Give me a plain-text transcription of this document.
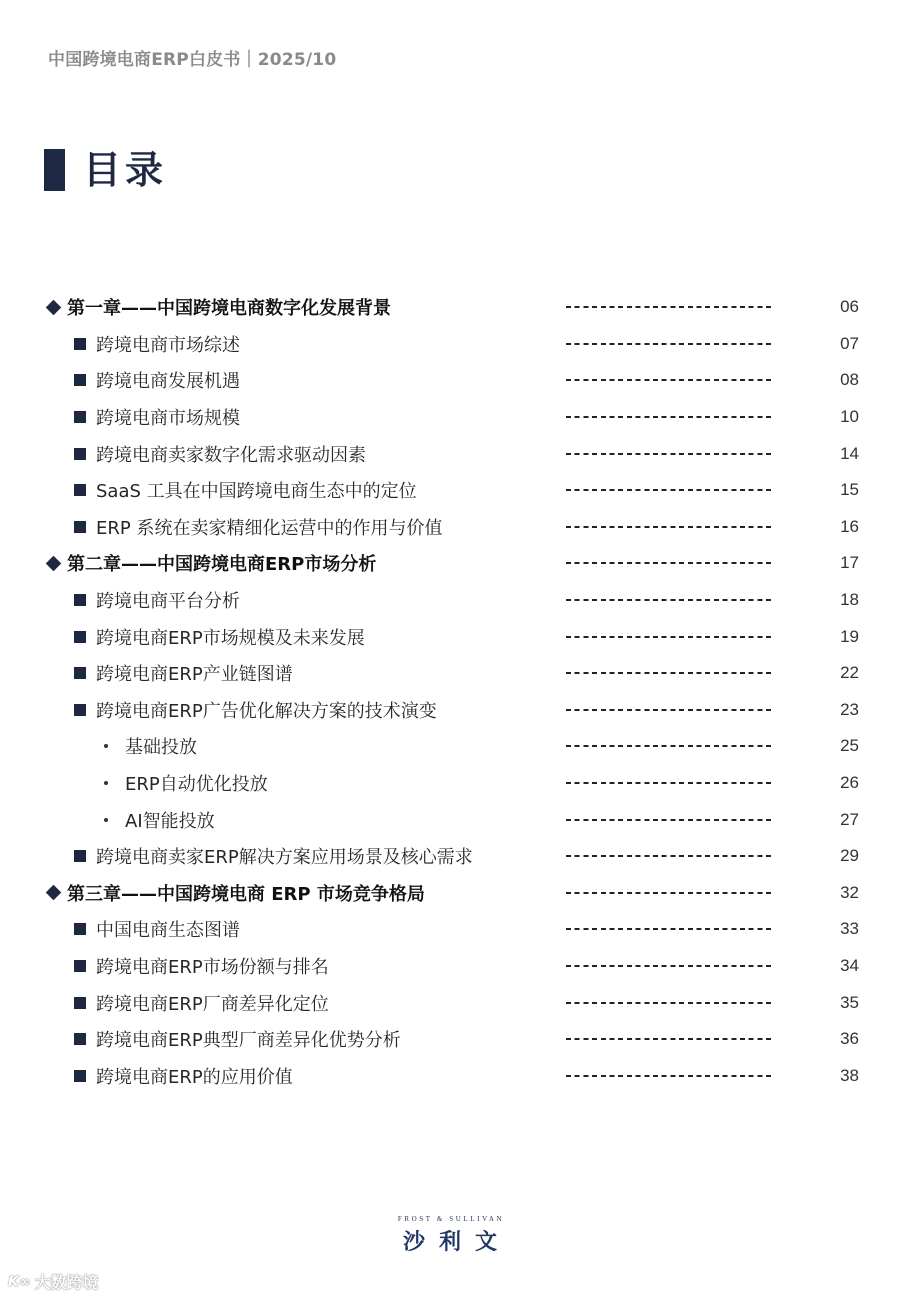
中国跨境电商ERP白皮书｜2025/10
目录
第一章——中国跨境电商数字化发展背景	06
跨境电商市场综述	07
跨境电商发展机遇	08
跨境电商市场规模	10
跨境电商卖家数字化需求驱动因素	14
SaaS 工具在中国跨境电商生态中的定位	15
ERP 系统在卖家精细化运营中的作用与价值	16
第二章——中国跨境电商ERP市场分析	17
跨境电商平台分析	18
跨境电商ERP市场规模及未来发展	19
跨境电商ERP产业链图谱	22
跨境电商ERP广告优化解决方案的技术演变	23
基础投放	25
ERP自动优化投放	26
AI智能投放	27
跨境电商卖家ERP解决方案应用场景及核心需求	29
第三章——中国跨境电商 ERP 市场竞争格局	32
中国电商生态图谱	33
跨境电商ERP市场份额与排名	34
跨境电商ERP厂商差异化定位	35
跨境电商ERP典型厂商差异化优势分析	36
跨境电商ERP的应用价值	38
FROST & SULLIVAN
沙利文
K∞ 大数跨境
